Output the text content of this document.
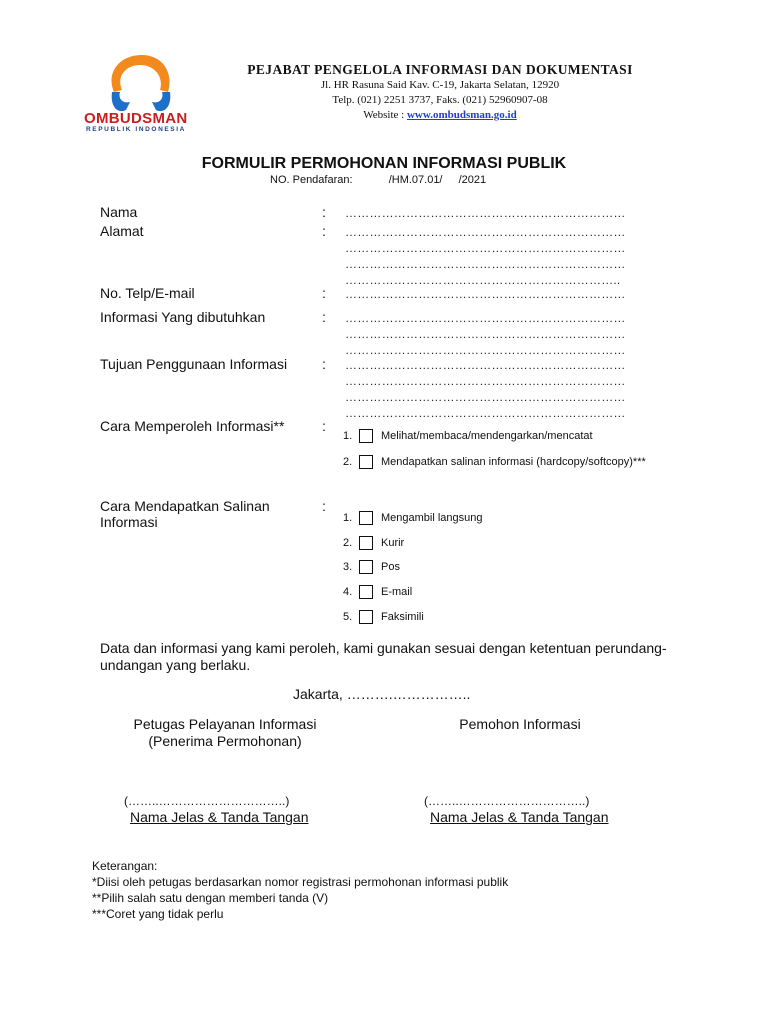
OMBUDSMAN
REPUBLIK INDONESIA
PEJABAT PENGELOLA INFORMASI DAN DOKUMENTASI
Jl. HR Rasuna Said Kav. C-19, Jakarta Selatan, 12920
Telp. (021) 2251 3737, Faks. (021) 52960907-08
Website : www.ombudsman.go.id
FORMULIR PERMOHONAN INFORMASI PUBLIK
NO. Pendafaran:	/HM.07.01/ /2021
Nama	: ……………………………………………………………
Alamat	: ……………………………………………………………
……………………………………………………………
……………………………………………………………
…………………………………………………………..
No. Telp/E-mail	: ……………………………………………………………
Informasi Yang dibutuhkan	: ……………………………………………………………
……………………………………………………………
……………………………………………………………
Tujuan Penggunaan Informasi : ……………………………………………………………
……………………………………………………………
……………………………………………………………
……………………………………………………………
Cara Memperoleh Informasi**	:
1.	Melihat/membaca/mendengarkan/mencatat
2.	Mendapatkan salinan informasi (hardcopy/softcopy)***
Cara Mendapatkan Salinan
Informasi
:
1.	Mengambil langsung
2.	Kurir
3.	Pos
4.	E-mail
5.	Faksimili
Data dan informasi yang kami peroleh, kami gunakan sesuai dengan ketentuan perundang-undangan yang berlaku.
Jakarta, ……….……………..
Petugas Pelayanan Informasi
(Penerima Permohonan)
Pemohon Informasi
(……..…………………………..)	(……..…………………………..)
Nama Jelas & Tanda Tangan	Nama Jelas & Tanda Tangan
Keterangan:
*Diisi oleh petugas berdasarkan nomor registrasi permohonan informasi publik
**Pilih salah satu dengan memberi tanda (V)
***Coret yang tidak perlu
